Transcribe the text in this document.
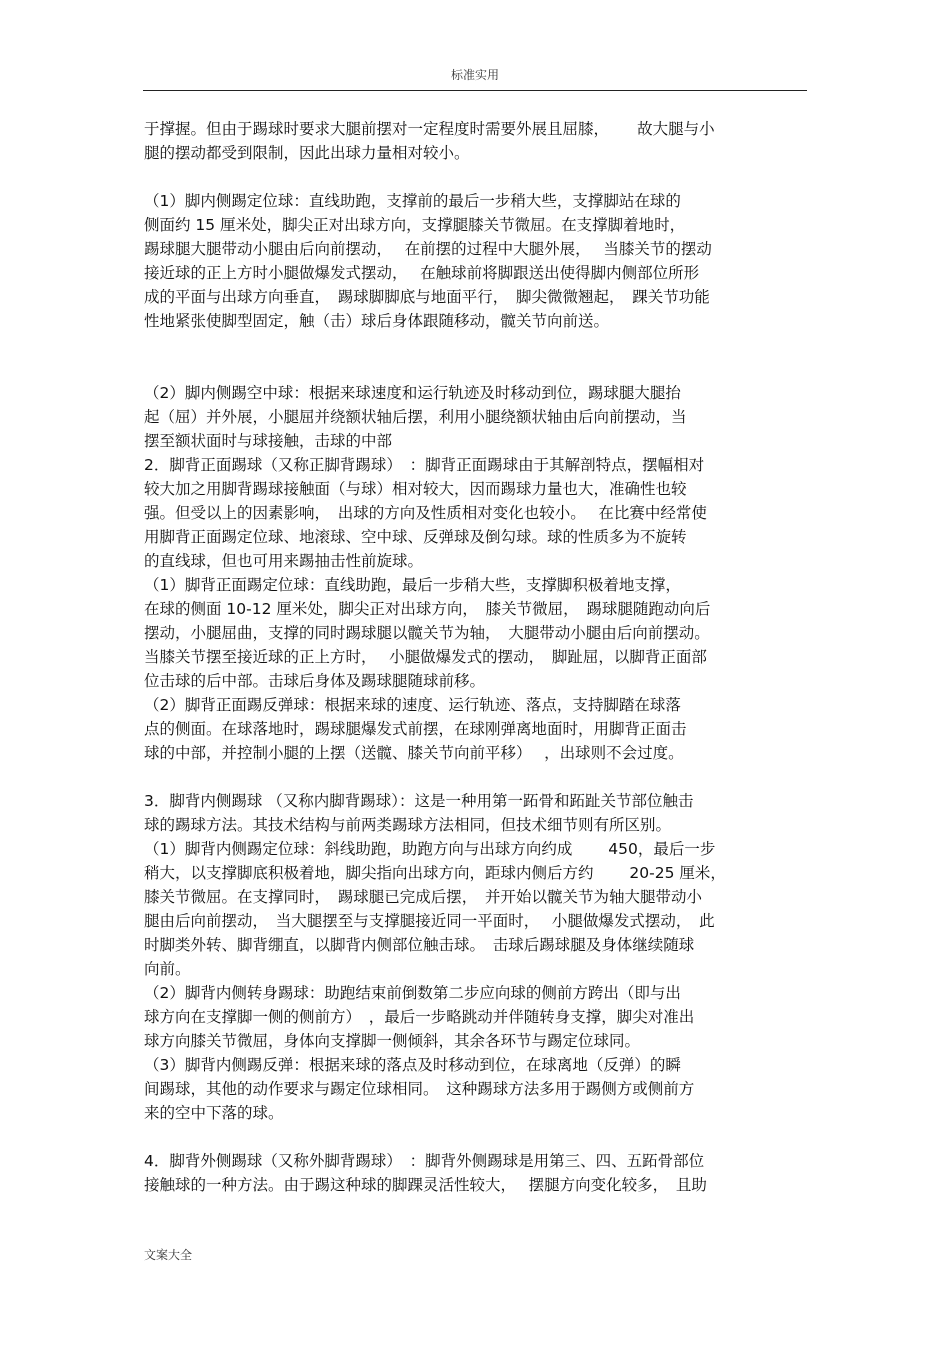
标准实用
于撑握。但由于踢球时要求大腿前摆对一定程度时需要外展且屈膝，　　 故大腿与小
腿的摆动都受到限制，因此出球力量相对较小。
（1）脚内侧踢定位球：直线助跑，支撑前的最后一步稍大些，支撑脚站在球的
侧面约 15 厘米处，脚尖正对出球方向，支撑腿膝关节微屈。在支撑脚着地时，
踢球腿大腿带动小腿由后向前摆动，　 在前摆的过程中大腿外展，　 当膝关节的摆动
接近球的正上方时小腿做爆发式摆动，　 在触球前将脚跟送出使得脚内侧部位所形
成的平面与出球方向垂直，　踢球脚脚底与地面平行，　脚尖微微翘起，　踝关节功能
性地紧张使脚型固定，触（击）球后身体跟随移动，髋关节向前送。
（2）脚内侧踢空中球：根据来球速度和运行轨迹及时移动到位，踢球腿大腿抬
起（屈）并外展，小腿屈并绕额状轴后摆，利用小腿绕额状轴由后向前摆动，当
摆至额状面时与球接触，击球的中部
2．脚背正面踢球（又称正脚背踢球）　：脚背正面踢球由于其解剖特点，摆幅相对
较大加之用脚背踢球接触面（与球）相对较大，因而踢球力量也大，准确性也较
强。但受以上的因素影响，　出球的方向及性质相对变化也较小。　 在比赛中经常使
用脚背正面踢定位球、地滚球、空中球、反弹球及倒勾球。球的性质多为不旋转
的直线球，但也可用来踢抽击性前旋球。
（1）脚背正面踢定位球：直线助跑，最后一步稍大些，支撑脚积极着地支撑，
在球的侧面 10-12 厘米处，脚尖正对出球方向，　膝关节微屈，　踢球腿随跑动向后
摆动，小腿屈曲，支撑的同时踢球腿以髋关节为轴，　大腿带动小腿由后向前摆动。
当膝关节摆至接近球的正上方时，　 小腿做爆发式的摆动，　脚趾屈，以脚背正面部
位击球的后中部。击球后身体及踢球腿随球前移。
（2）脚背正面踢反弹球：根据来球的速度、运行轨迹、落点，支持脚踏在球落
点的侧面。在球落地时，踢球腿爆发式前摆，在球刚弹离地面时，用脚背正面击
球的中部，并控制小腿的上摆（送髋、膝关节向前平移）　 ，出球则不会过度。
3．脚背内侧踢球 （又称内脚背踢球）：这是一种用第一跖骨和跖趾关节部位触击
球的踢球方法。其技术结构与前两类踢球方法相同，但技术细节则有所区别。
（1）脚背内侧踢定位球：斜线助跑，助跑方向与出球方向约成　　 450，最后一步
稍大，以支撑脚底积极着地，脚尖指向出球方向，距球内侧后方约　　 20-25 厘米，
膝关节微屈。在支撑同时，　踢球腿已完成后摆，　并开始以髋关节为轴大腿带动小
腿由后向前摆动，　当大腿摆至与支撑腿接近同一平面时，　 小腿做爆发式摆动，　此
时脚类外转、脚背绷直，以脚背内侧部位触击球。　击球后踢球腿及身体继续随球
向前。
（2）脚背内侧转身踢球：助跑结束前倒数第二步应向球的侧前方跨出（即与出
球方向在支撑脚一侧的侧前方）　，最后一步略跳动并伴随转身支撑，脚尖对准出
球方向膝关节微屈，身体向支撑脚一侧倾斜，其余各环节与踢定位球同。
（3）脚背内侧踢反弹：根据来球的落点及时移动到位，在球离地（反弹）的瞬
间踢球，其他的动作要求与踢定位球相同。　这种踢球方法多用于踢侧方或侧前方
来的空中下落的球。
4．脚背外侧踢球（又称外脚背踢球）　：脚背外侧踢球是用第三、四、五跖骨部位
接触球的一种方法。由于踢这种球的脚踝灵活性较大，　 摆腿方向变化较多，　且助
文案大全
